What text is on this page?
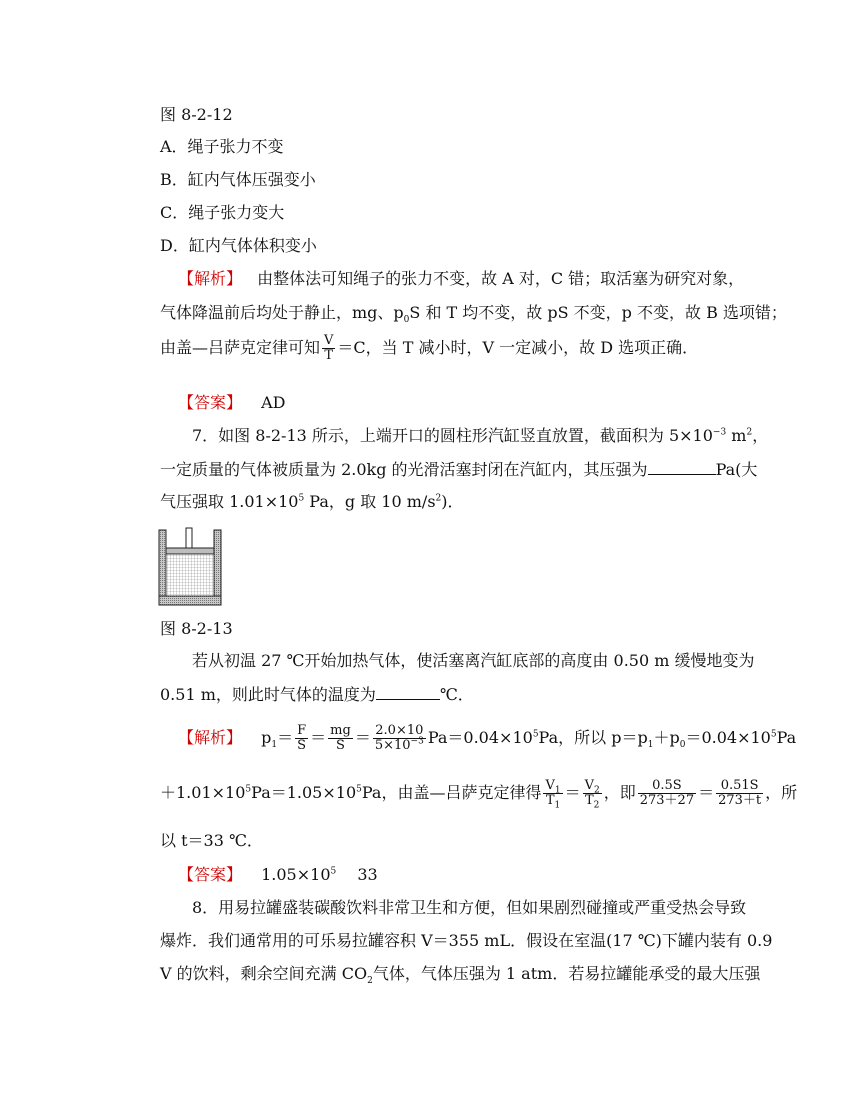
图 8-2-12
A．绳子张力不变
B．缸内气体压强变小
C．绳子张力变大
D．缸内气体体积变小
【解析】 由整体法可知绳子的张力不变，故 A 对，C 错；取活塞为研究对象，
气体降温前后均处于静止，mg、$p_0S$ 和 T 均不变，故 pS 不变，p 不变，故 B 选项错；
由盖—吕萨克定律可知 $\frac{V}{T} =C$，当 T 减小时，V 一定减小，故 D 选项正确．
【答案】 AD
7．如图 8-2-13 所示，上端开口的圆柱形汽缸竖直放置，截面积为 $5\times 10^{-3}$ $m^2$，
一定质量的气体被质量为 2.0kg 的光滑活塞封闭在汽缸内，其压强为	Pa(大
气压强取 $1.01\times 10^5$ Pa，g 取 10 $m/s^2$)．
图 8-2-13
若从初温 27 ℃开始加热气体，使活塞离汽缸底部的高度由 0.50 m 缓慢地变为
0.51 m，则此时气体的温度为	℃．
【解析】 $p_1= \frac{F}{S} = \frac{mg}{S} = \frac{2.0\times 10}{5\times 10^{-3}} Pa=0.04\times 10^5Pa$，所以 $p=p_1+p_0=0.04\times 10^5Pa$
$+1.01\times 10^5Pa=1.05\times 10^5Pa$，由盖—吕萨克定律得 $\frac{V_1}{T_1} = \frac{V_2}{T_2}$ ，即 $\frac{0.5S}{273+27} = \frac{0.51S}{273+t}$ ，所
以 t＝33 ℃．
【答案】 $1.05\times 10^5$ 33
8．用易拉罐盛装碳酸饮料非常卫生和方便，但如果剧烈碰撞或严重受热会导致
爆炸．我们通常用的可乐易拉罐容积 V＝355 mL．假设在室温(17 ℃)下罐内装有 0.9
V 的饮料，剩余空间充满 $CO_2$气体，气体压强为 1 atm．若易拉罐能承受的最大压强
